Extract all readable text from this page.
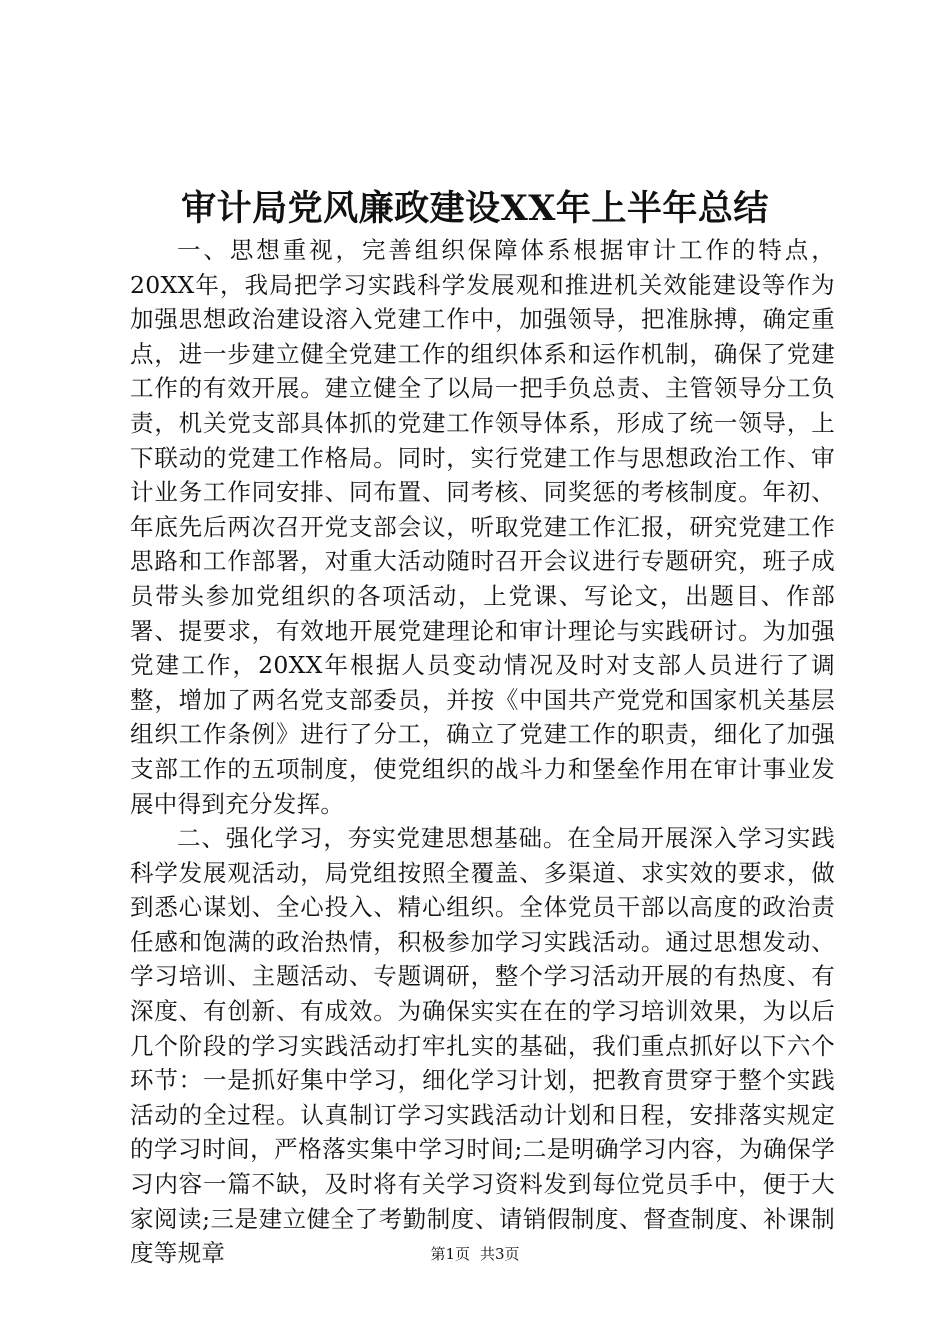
审计局党风廉政建设XX年上半年总结

一、思想重视，完善组织保障体系根据审计工作的特点，20XX年，我局把学习实践科学发展观和推进机关效能建设等作为加强思想政治建设溶入党建工作中，加强领导，把准脉搏，确定重点，进一步建立健全党建工作的组织体系和运作机制，确保了党建工作的有效开展。建立健全了以局一把手负总责、主管领导分工负责，机关党支部具体抓的党建工作领导体系，形成了统一领导，上下联动的党建工作格局。同时，实行党建工作与思想政治工作、审计业务工作同安排、同布置、同考核、同奖惩的考核制度。年初、年底先后两次召开党支部会议，听取党建工作汇报，研究党建工作思路和工作部署，对重大活动随时召开会议进行专题研究，班子成员带头参加党组织的各项活动，上党课、写论文，出题目、作部署、提要求，有效地开展党建理论和审计理论与实践研讨。为加强党建工作，20XX年根据人员变动情况及时对支部人员进行了调整，增加了两名党支部委员，并按《中国共产党党和国家机关基层组织工作条例》进行了分工，确立了党建工作的职责，细化了加强支部工作的五项制度，使党组织的战斗力和堡垒作用在审计事业发展中得到充分发挥。

二、强化学习，夯实党建思想基础。在全局开展深入学习实践科学发展观活动，局党组按照全覆盖、多渠道、求实效的要求，做到悉心谋划、全心投入、精心组织。全体党员干部以高度的政治责任感和饱满的政治热情，积极参加学习实践活动。通过思想发动、学习培训、主题活动、专题调研，整个学习活动开展的有热度、有深度、有创新、有成效。为确保实实在在的学习培训效果，为以后几个阶段的学习实践活动打牢扎实的基础，我们重点抓好以下六个环节：一是抓好集中学习，细化学习计划，把教育贯穿于整个实践活动的全过程。认真制订学习实践活动计划和日程，安排落实规定的学习时间，严格落实集中学习时间;二是明确学习内容，为确保学习内容一篇不缺，及时将有关学习资料发到每位党员手中，便于大家阅读;三是建立健全了考勤制度、请销假制度、督查制度、补课制度等规章	第1页 共3页
